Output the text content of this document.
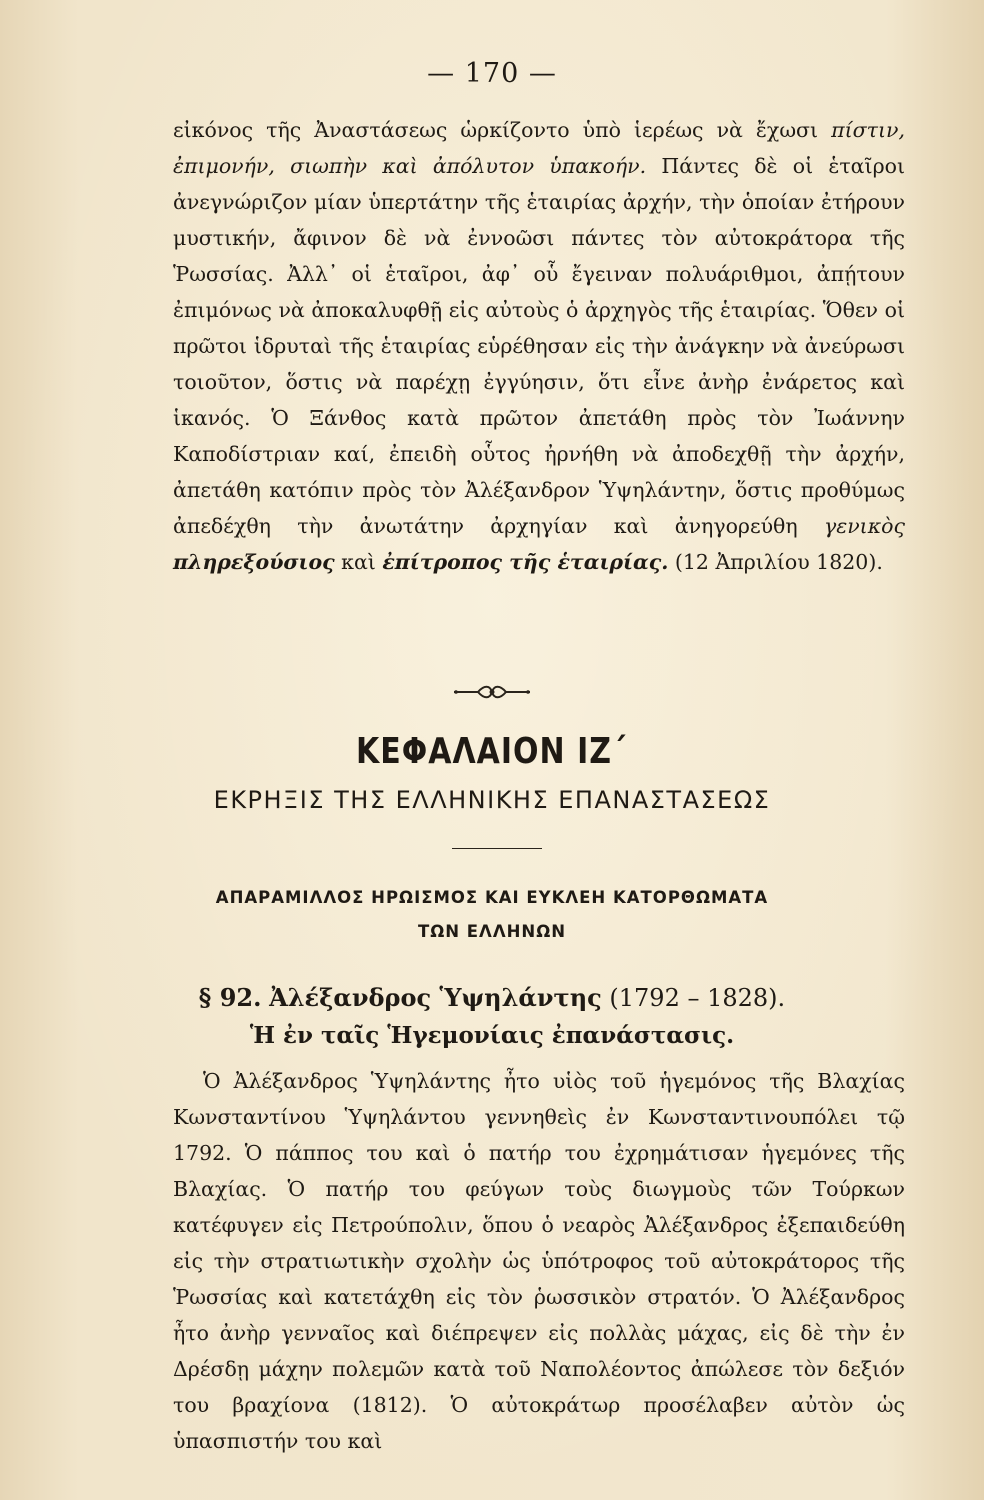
— 170 —
εἰκόνος τῆς Ἀναστάσεως ὡρκίζοντο ὑπὸ ἱερέως νὰ ἔχωσι πίστιν, ἐπιμονήν, σιωπὴν καὶ ἀπόλυτον ὑπακοήν. Πάντες δὲ οἱ ἑταῖροι ἀνεγνώριζον μίαν ὑπερτάτην τῆς ἑταιρίας ἀρχήν, τὴν ὁποίαν ἐτήρουν μυστικήν, ἄφινον δὲ νὰ ἐννοῶσι πάντες τὸν αὐτοκράτορα τῆς Ῥωσσίας. Ἀλλ᾽ οἱ ἑταῖροι, ἀφ᾽ οὗ ἔγειναν πολυάριθμοι, ἀπῄτουν ἐπιμόνως νὰ ἀποκαλυφθῇ εἰς αὐτοὺς ὁ ἀρχηγὸς τῆς ἑταιρίας. Ὅθεν οἱ πρῶτοι ἱδρυταὶ τῆς ἑταιρίας εὑρέθησαν εἰς τὴν ἀνάγκην νὰ ἀνεύρωσι τοιοῦτον, ὅστις νὰ παρέχῃ ἐγγύησιν, ὅτι εἶνε ἀνὴρ ἐνάρετος καὶ ἱκανός. Ὁ Ξάνθος κατὰ πρῶτον ἀπετάθη πρὸς τὸν Ἰωάννην Καποδίστριαν καί, ἐπειδὴ οὗτος ἠρνήθη νὰ ἀποδεχθῇ τὴν ἀρχήν, ἀπετάθη κατόπιν πρὸς τὸν Ἀλέξανδρον Ὑψηλάντην, ὅστις προθύμως ἀπεδέχθη τὴν ἀνωτάτην ἀρχηγίαν καὶ ἀνηγορεύθη γενικὸς πληρεξούσιος καὶ ἐπίτροπος τῆς ἑταιρίας. (12 Ἀπριλίου 1820).
ΚΕΦΑΛΑΙΟΝ ΙΖ´
ΕΚΡΗΞΙΣ ΤΗΣ ΕΛΛΗΝΙΚΗΣ ΕΠΑΝΑΣΤΑΣΕΩΣ
ΑΠΑΡΑΜΙΛΛΟΣ ΗΡΩΙΣΜΟΣ ΚΑΙ ΕΥΚΛΕΗ ΚΑΤΟΡΘΩΜΑΤΑ
ΤΩΝ ΕΛΛΗΝΩΝ
§ 92. Ἀλέξανδρος Ὑψηλάντης (1792 – 1828).
Ἡ ἐν ταῖς Ἡγεμονίαις ἐπανάστασις.
Ὁ Ἀλέξανδρος Ὑψηλάντης ἦτο υἱὸς τοῦ ἡγεμόνος τῆς Βλαχίας Κωνσταντίνου Ὑψηλάντου γεννηθεὶς ἐν Κωνσταντινουπόλει τῷ 1792. Ὁ πάππος του καὶ ὁ πατήρ του ἐχρημάτισαν ἡγεμόνες τῆς Βλαχίας. Ὁ πατήρ του φεύγων τοὺς διωγμοὺς τῶν Τούρκων κατέφυγεν εἰς Πετρούπολιν, ὅπου ὁ νεαρὸς Ἀλέξανδρος ἐξεπαιδεύθη εἰς τὴν στρατιωτικὴν σχολὴν ὡς ὑπότροφος τοῦ αὐτοκράτορος τῆς Ῥωσσίας καὶ κατετάχθη εἰς τὸν ῥωσσικὸν στρατόν. Ὁ Ἀλέξανδρος ἦτο ἀνὴρ γενναῖος καὶ διέπρεψεν εἰς πολλὰς μάχας, εἰς δὲ τὴν ἐν Δρέσδῃ μάχην πολεμῶν κατὰ τοῦ Ναπολέοντος ἀπώλεσε τὸν δεξιόν του βραχίονα (1812). Ὁ αὐτοκράτωρ προσέλαβεν αὐτὸν ὡς ὑπασπιστήν του καὶ
